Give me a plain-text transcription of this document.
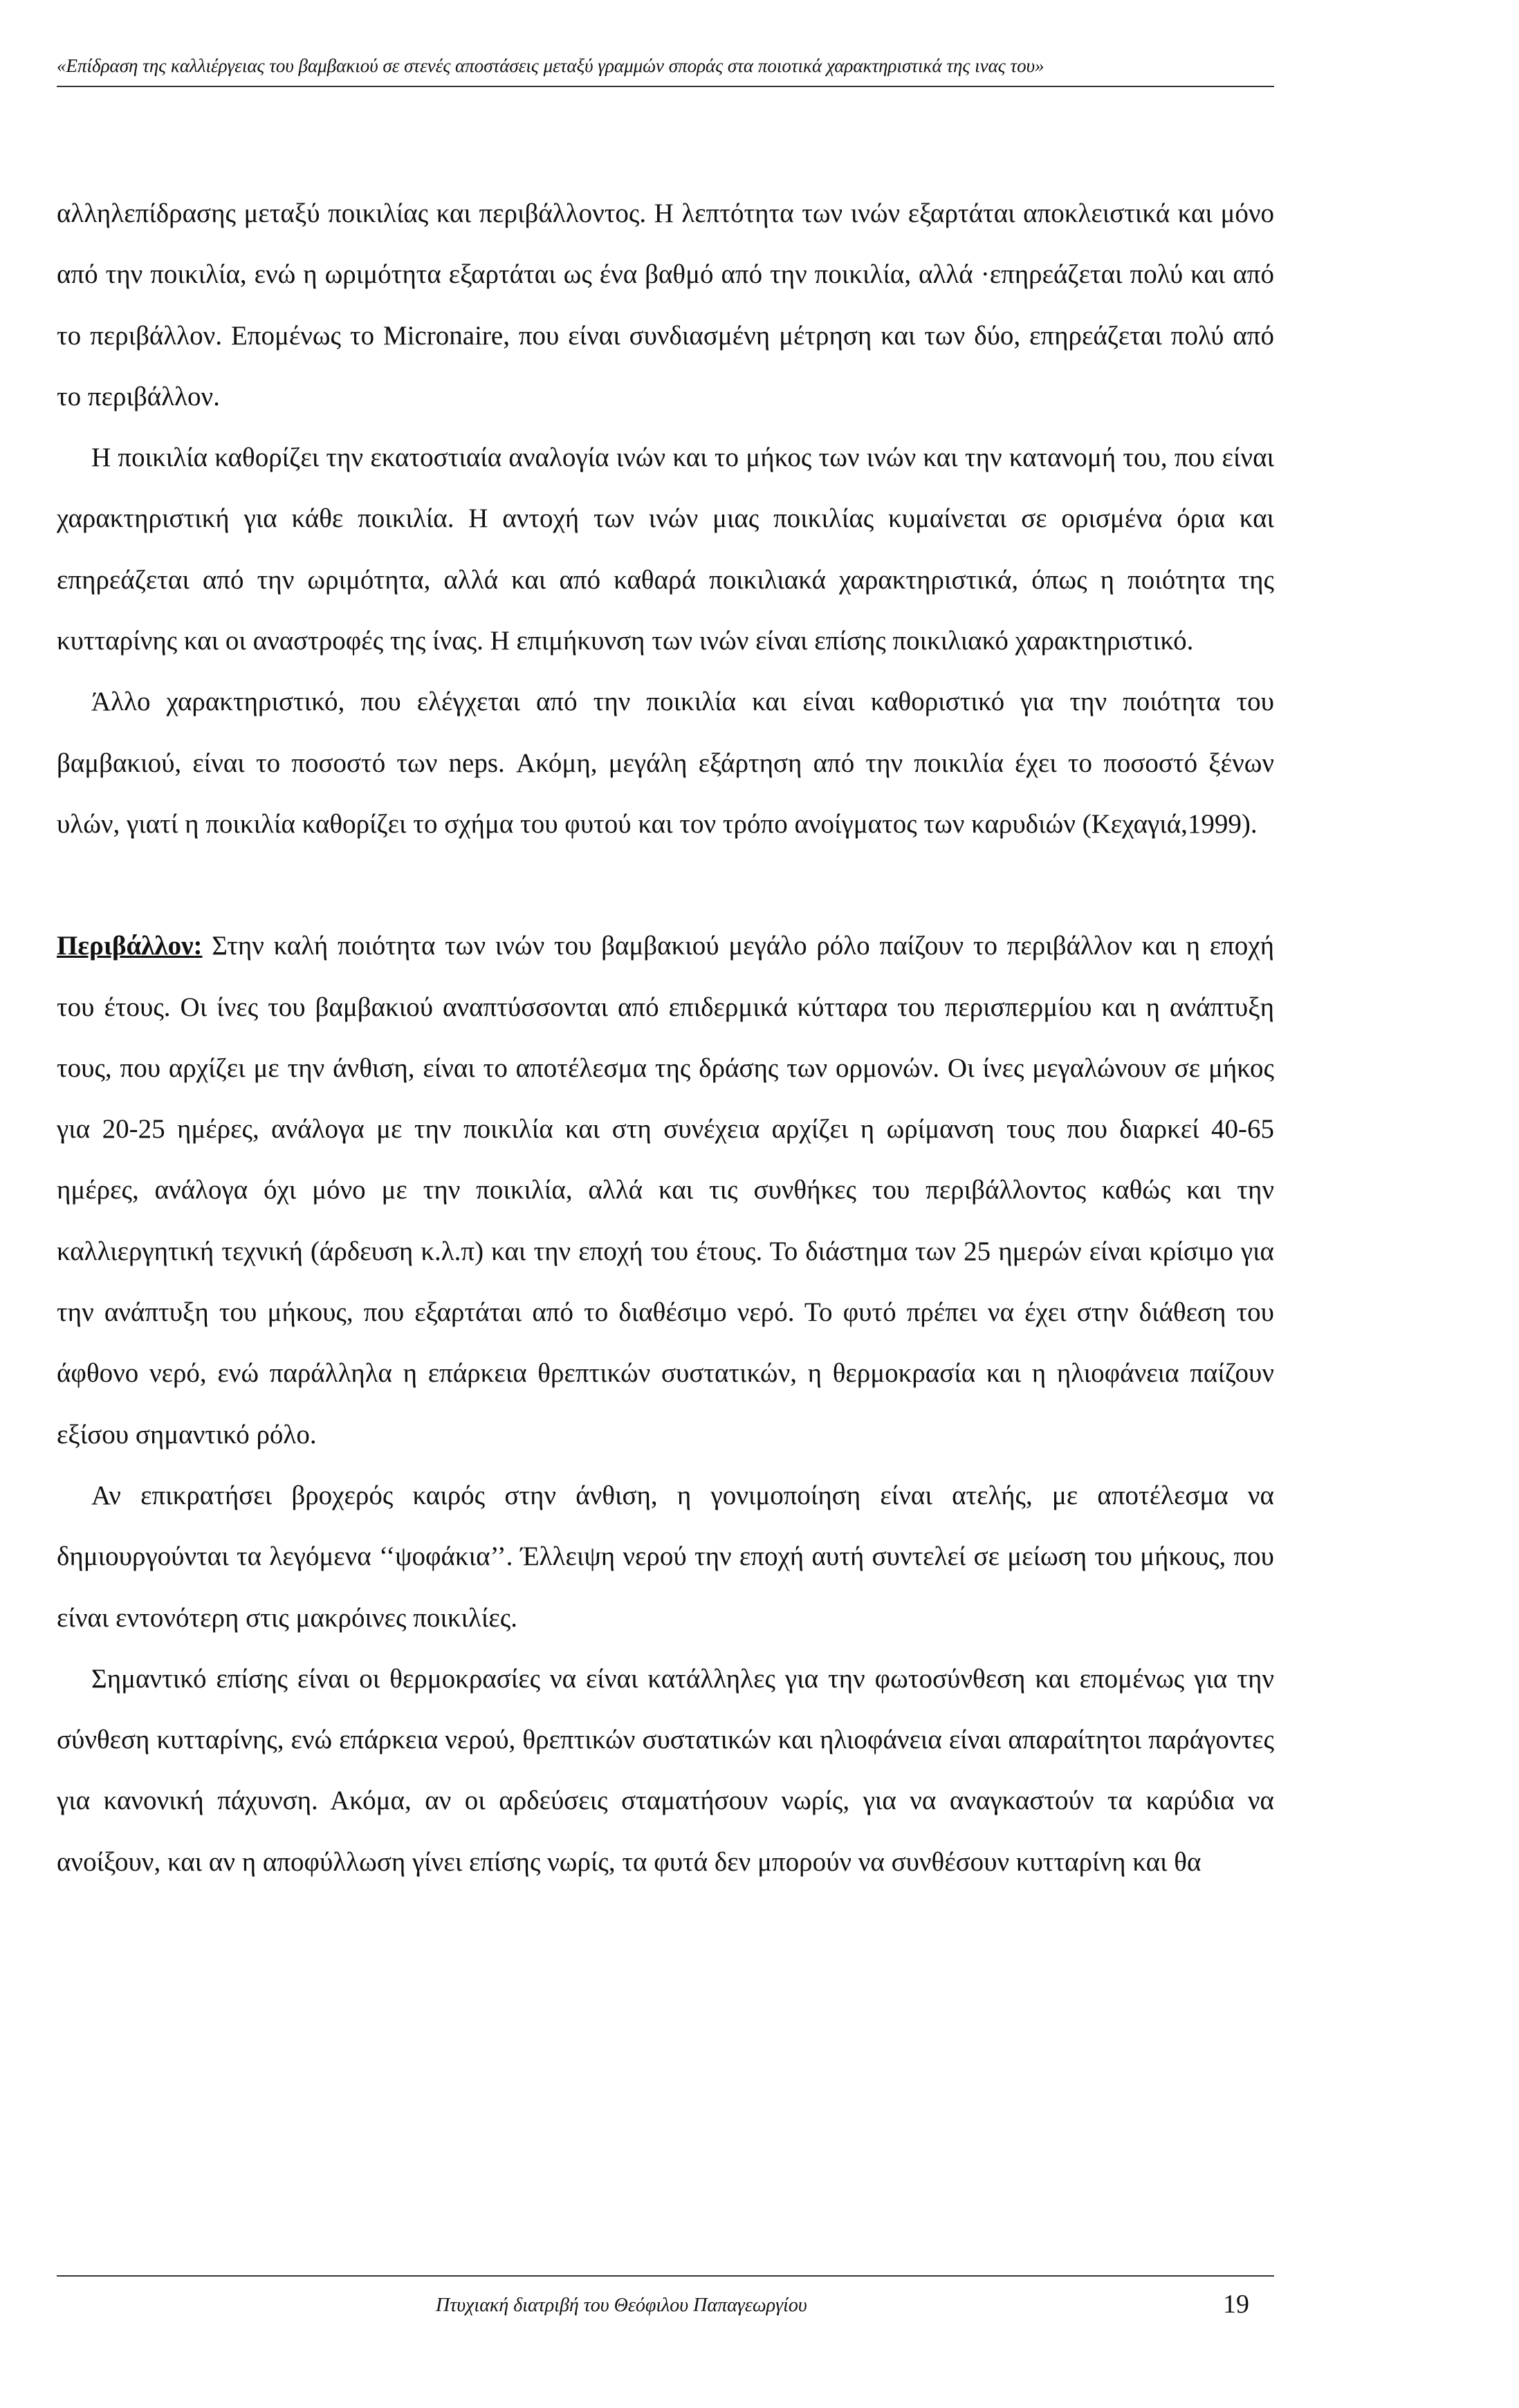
«Επίδραση της καλλιέργειας του βαμβακιού σε στενές αποστάσεις μεταξύ γραμμών σποράς στα ποιοτικά χαρακτηριστικά της ινας του»

αλληλεπίδρασης μεταξύ ποικιλίας και περιβάλλοντος. Η λεπτότητα των ινών εξαρτάται αποκλειστικά και μόνο από την ποικιλία, ενώ η ωριμότητα εξαρτάται ως ένα βαθμό από την ποικιλία, αλλά ·επηρεάζεται πολύ και από το περιβάλλον. Επομένως το Micronaire, που είναι συνδιασμένη μέτρηση και των δύο, επηρεάζεται πολύ από το περιβάλλον.

Η ποικιλία καθορίζει την εκατοστιαία αναλογία ινών και το μήκος των ινών και την κατανομή του, που είναι χαρακτηριστική για κάθε ποικιλία. Η αντοχή των ινών μιας ποικιλίας κυμαίνεται σε ορισμένα όρια και επηρεάζεται από την ωριμότητα, αλλά και από καθαρά ποικιλιακά χαρακτηριστικά, όπως η ποιότητα της κυτταρίνης και οι αναστροφές της ίνας. Η επιμήκυνση των ινών είναι επίσης ποικιλιακό χαρακτηριστικό.

Άλλο χαρακτηριστικό, που ελέγχεται από την ποικιλία και είναι καθοριστικό για την ποιότητα του βαμβακιού, είναι το ποσοστό των neps. Ακόμη, μεγάλη εξάρτηση από την ποικιλία έχει το ποσοστό ξένων υλών, γιατί η ποικιλία καθορίζει το σχήμα του φυτού και τον τρόπο ανοίγματος των καρυδιών (Κεχαγιά,1999).

Περιβάλλον: Στην καλή ποιότητα των ινών του βαμβακιού μεγάλο ρόλο παίζουν το περιβάλλον και η εποχή του έτους. Οι ίνες του βαμβακιού αναπτύσσονται από επιδερμικά κύτταρα του περισπερμίου και η ανάπτυξη τους, που αρχίζει με την άνθιση, είναι το αποτέλεσμα της δράσης των ορμονών. Οι ίνες μεγαλώνουν σε μήκος για 20-25 ημέρες, ανάλογα με την ποικιλία και στη συνέχεια αρχίζει η ωρίμανση τους που διαρκεί 40-65 ημέρες, ανάλογα όχι μόνο με την ποικιλία, αλλά και τις συνθήκες του περιβάλλοντος καθώς και την καλλιεργητική τεχνική (άρδευση κ.λ.π) και την εποχή του έτους. Το διάστημα των 25 ημερών είναι κρίσιμο για την ανάπτυξη του μήκους, που εξαρτάται από το διαθέσιμο νερό. Το φυτό πρέπει να έχει στην διάθεση του άφθονο νερό, ενώ παράλληλα η επάρκεια θρεπτικών συστατικών, η θερμοκρασία και η ηλιοφάνεια παίζουν εξίσου σημαντικό ρόλο.

Αν επικρατήσει βροχερός καιρός στην άνθιση, η γονιμοποίηση είναι ατελής, με αποτέλεσμα να δημιουργούνται τα λεγόμενα ‘‘ψοφάκια’’. Έλλειψη νερού την εποχή αυτή συντελεί σε μείωση του μήκους, που είναι εντονότερη στις μακρόινες ποικιλίες.

Σημαντικό επίσης είναι οι θερμοκρασίες να είναι κατάλληλες για την φωτοσύνθεση και επομένως για την σύνθεση κυτταρίνης, ενώ επάρκεια νερού, θρεπτικών συστατικών και ηλιοφάνεια είναι απαραίτητοι παράγοντες για κανονική πάχυνση. Ακόμα, αν οι αρδεύσεις σταματήσουν νωρίς, για να αναγκαστούν τα καρύδια να ανοίξουν, και αν η αποφύλλωση γίνει επίσης νωρίς, τα φυτά δεν μπορούν να συνθέσουν κυτταρίνη και θα

Πτυχιακή διατριβή του Θεόφιλου Παπαγεωργίου	19
